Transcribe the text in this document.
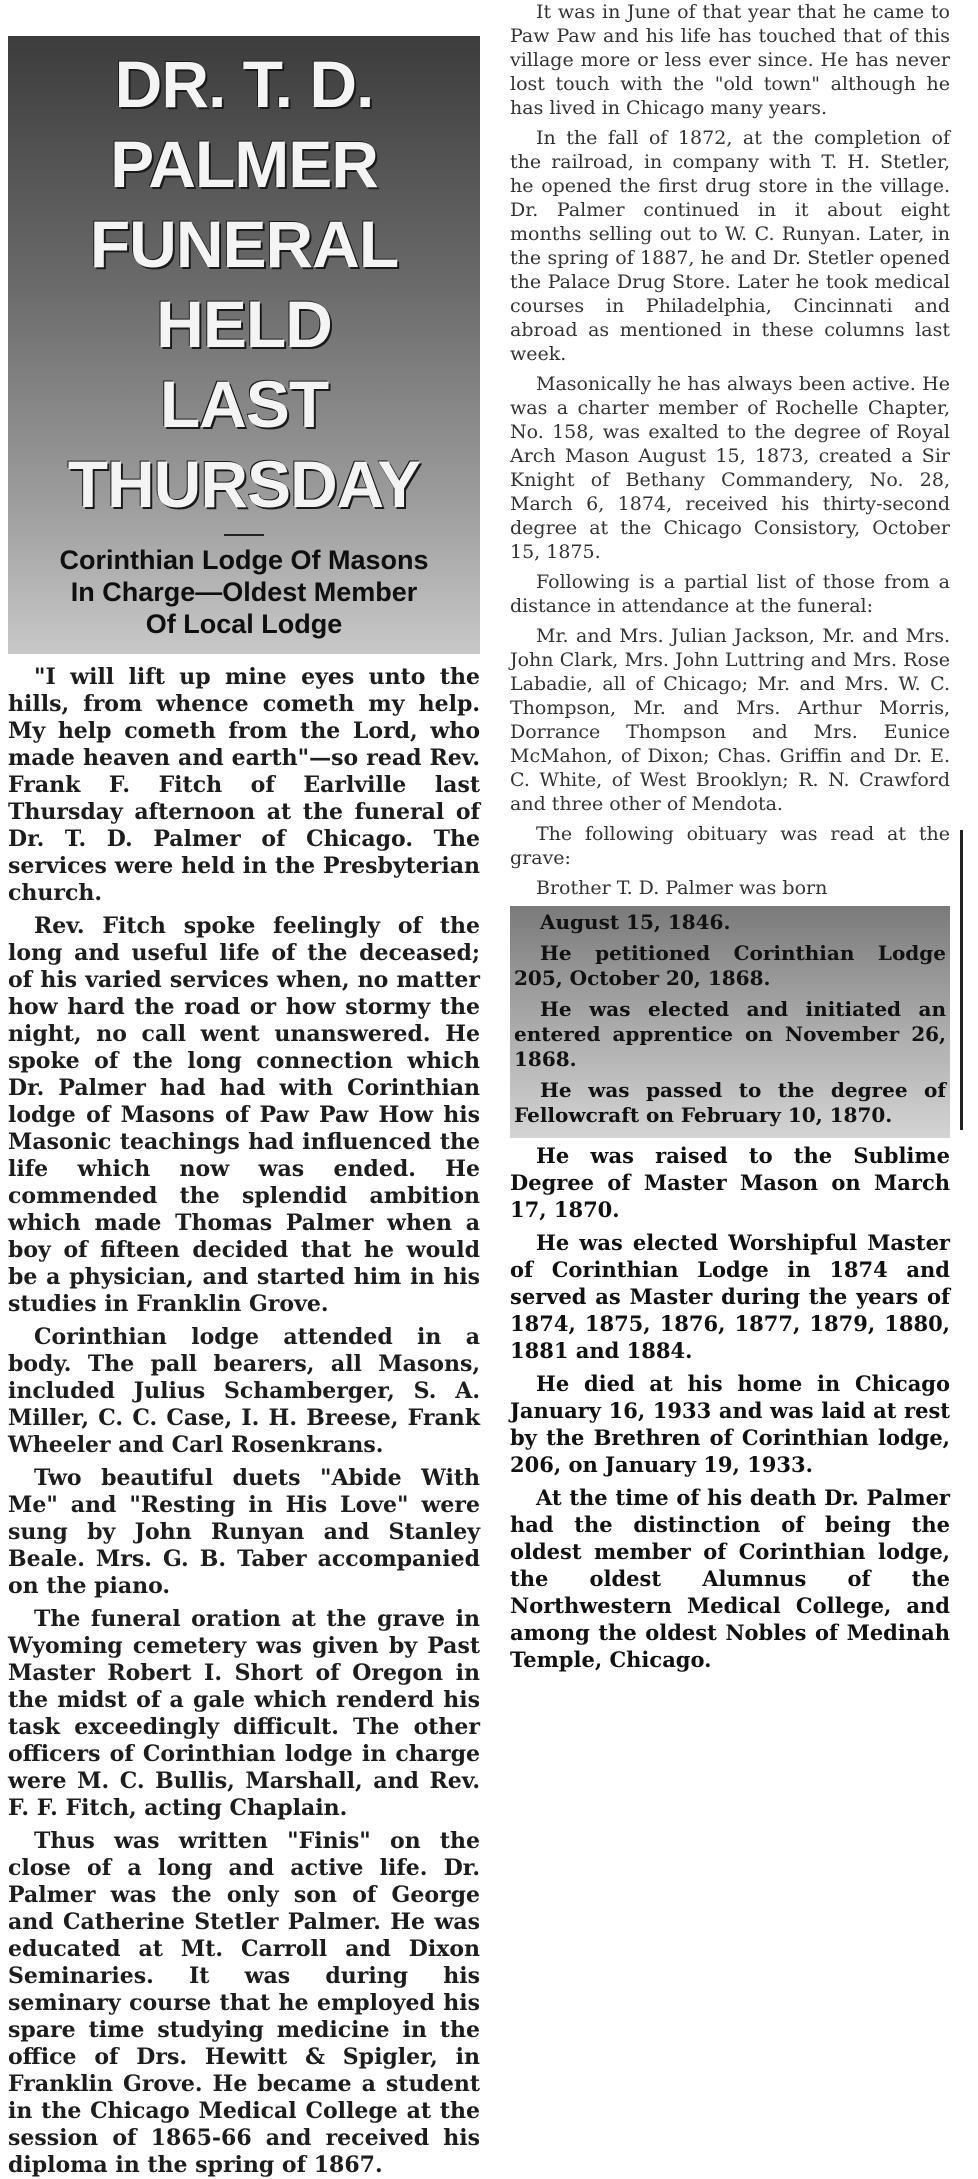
DR. T. D. PALMER
FUNERAL HELD
LAST THURSDAY
Corinthian Lodge Of Masons
In Charge—Oldest Member
Of Local Lodge

"I will lift up mine eyes unto the hills, from whence cometh my help. My help cometh from the Lord, who made heaven and earth"—so read Rev. Frank F. Fitch of Earlville last Thursday afternoon at the funeral of Dr. T. D. Palmer of Chicago. The services were held in the Presbyterian church.

Rev. Fitch spoke feelingly of the long and useful life of the deceased; of his varied services when, no matter how hard the road or how stormy the night, no call went unanswered. He spoke of the long connection which Dr. Palmer had had with Corinthian lodge of Masons of Paw Paw How his Masonic teachings had influenced the life which now was ended. He commended the splendid ambition which made Thomas Palmer when a boy of fifteen decided that he would be a physician, and started him in his studies in Franklin Grove.

Corinthian lodge attended in a body. The pall bearers, all Masons, included Julius Schamberger, S. A. Miller, C. C. Case, I. H. Breese, Frank Wheeler and Carl Rosenkrans.

Two beautiful duets "Abide With Me" and "Resting in His Love" were sung by John Runyan and Stanley Beale. Mrs. G. B. Taber accompanied on the piano.

The funeral oration at the grave in Wyoming cemetery was given by Past Master Robert I. Short of Oregon in the midst of a gale which renderd his task exceedingly difficult. The other officers of Corinthian lodge in charge were M. C. Bullis, Marshall, and Rev. F. F. Fitch, acting Chaplain.

Thus was written "Finis" on the close of a long and active life. Dr. Palmer was the only son of George and Catherine Stetler Palmer. He was educated at Mt. Carroll and Dixon Seminaries. It was during his seminary course that he employed his spare time studying medicine in the office of Drs. Hewitt & Spigler, in Franklin Grove. He became a student in the Chicago Medical College at the session of 1865-66 and received his diploma in the spring of 1867.

It was in June of that year that he came to Paw Paw and his life has touched that of this village more or less ever since. He has never lost touch with the "old town" although he has lived in Chicago many years.

In the fall of 1872, at the completion of the railroad, in company with T. H. Stetler, he opened the first drug store in the village. Dr. Palmer continued in it about eight months selling out to W. C. Runyan. Later, in the spring of 1887, he and Dr. Stetler opened the Palace Drug Store. Later he took medical courses in Philadelphia, Cincinnati and abroad as mentioned in these columns last week.

Masonically he has always been active. He was a charter member of Rochelle Chapter, No. 158, was exalted to the degree of Royal Arch Mason August 15, 1873, created a Sir Knight of Bethany Commandery, No. 28, March 6, 1874, received his thirty-second degree at the Chicago Consistory, October 15, 1875.

Following is a partial list of those from a distance in attendance at the funeral:

Mr. and Mrs. Julian Jackson, Mr. and Mrs. John Clark, Mrs. John Luttring and Mrs. Rose Labadie, all of Chicago; Mr. and Mrs. W. C. Thompson, Mr. and Mrs. Arthur Morris, Dorrance Thompson and Mrs. Eunice McMahon, of Dixon; Chas. Griffin and Dr. E. C. White, of West Brooklyn; R. N. Crawford and three other of Mendota.

The following obituary was read at the grave:

Brother T. D. Palmer was born

August 15, 1846.

He petitioned Corinthian Lodge 205, October 20, 1868.

He was elected and initiated an entered apprentice on November 26, 1868.

He was passed to the degree of Fellowcraft on February 10, 1870.

He was raised to the Sublime Degree of Master Mason on March 17, 1870.

He was elected Worshipful Master of Corinthian Lodge in 1874 and served as Master during the years of 1874, 1875, 1876, 1877, 1879, 1880, 1881 and 1884.

He died at his home in Chicago January 16, 1933 and was laid at rest by the Brethren of Corinthian lodge, 206, on January 19, 1933.

At the time of his death Dr. Palmer had the distinction of being the oldest member of Corinthian lodge, the oldest Alumnus of the Northwestern Medical College, and among the oldest Nobles of Medinah Temple, Chicago.
